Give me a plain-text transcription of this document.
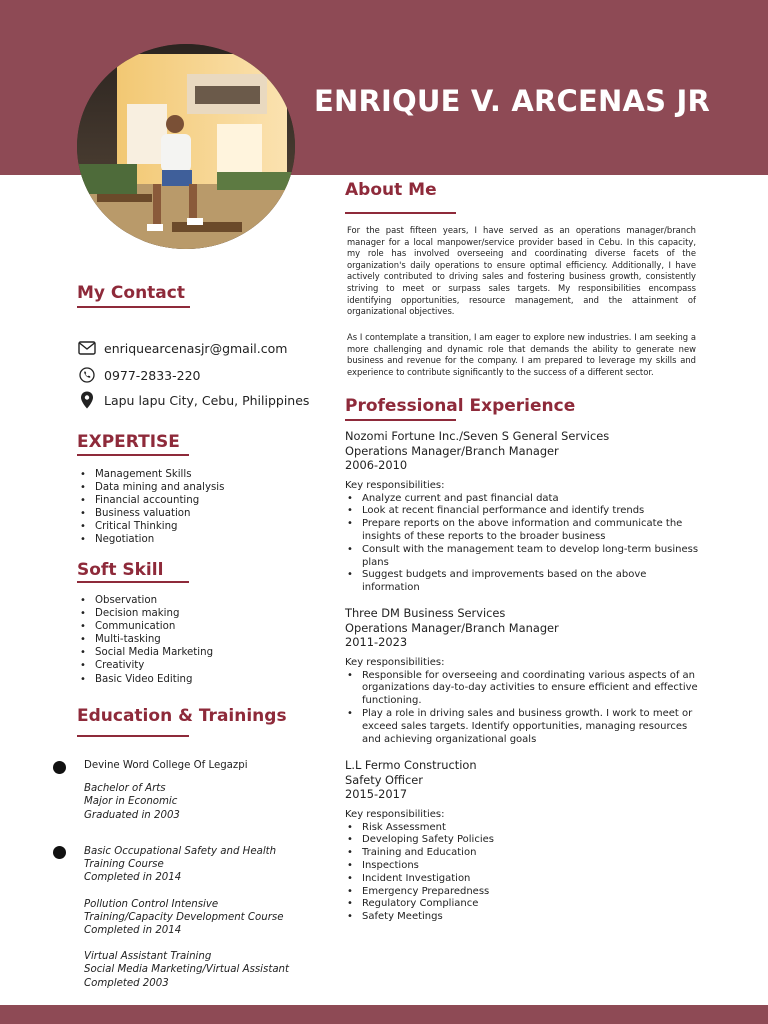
ENRIQUE V. ARCENAS JR
My Contact
enriquearcenasjr@gmail.com
0977-2833-220
Lapu lapu City, Cebu, Philippines
EXPERTISE
• Management Skills
• Data mining and analysis
• Financial accounting
• Business valuation
• Critical Thinking
• Negotiation
Soft Skill
• Observation
• Decision making
• Communication
• Multi-tasking
• Social Media Marketing
• Creativity
• Basic Video Editing
Education & Trainings
Devine Word College Of Legazpi
Bachelor of Arts
Major in Economic
Graduated in 2003
Basic Occupational Safety and Health
Training Course
Completed in 2014
Pollution Control Intensive
Training/Capacity Development Course
Completed in 2014
Virtual Assistant Training
Social Media Marketing/Virtual Assistant
Completed 2003
About Me
For the past fifteen years, I have served as an operations manager/branch manager for a local manpower/service provider based in Cebu. In this capacity, my role has involved overseeing and coordinating diverse facets of the organization's daily operations to ensure optimal efficiency. Additionally, I have actively contributed to driving sales and fostering business growth, consistently striving to meet or surpass sales targets. My responsibilities encompass identifying opportunities, resource management, and the attainment of organizational objectives.
As I contemplate a transition, I am eager to explore new industries. I am seeking a more challenging and dynamic role that demands the ability to generate new business and revenue for the company. I am prepared to leverage my skills and experience to contribute significantly to the success of a different sector.
Professional Experience
Nozomi Fortune Inc./Seven S General Services
Operations Manager/Branch Manager
2006-2010
Key responsibilities:
• Analyze current and past financial data
• Look at recent financial performance and identify trends
• Prepare reports on the above information and communicate the insights of these reports to the broader business
• Consult with the management team to develop long-term business plans
• Suggest budgets and improvements based on the above information
Three DM Business Services
Operations Manager/Branch Manager
2011-2023
Key responsibilities:
• Responsible for overseeing and coordinating various aspects of an organizations day-to-day activities to ensure efficient and effective functioning.
• Play a role in driving sales and business growth. I work to meet or exceed sales targets. Identify opportunities, managing resources and achieving organizational goals
L.L Fermo Construction
Safety Officer
2015-2017
Key responsibilities:
• Risk Assessment
• Developing Safety Policies
• Training and Education
• Inspections
• Incident Investigation
• Emergency Preparedness
• Regulatory Compliance
• Safety Meetings
